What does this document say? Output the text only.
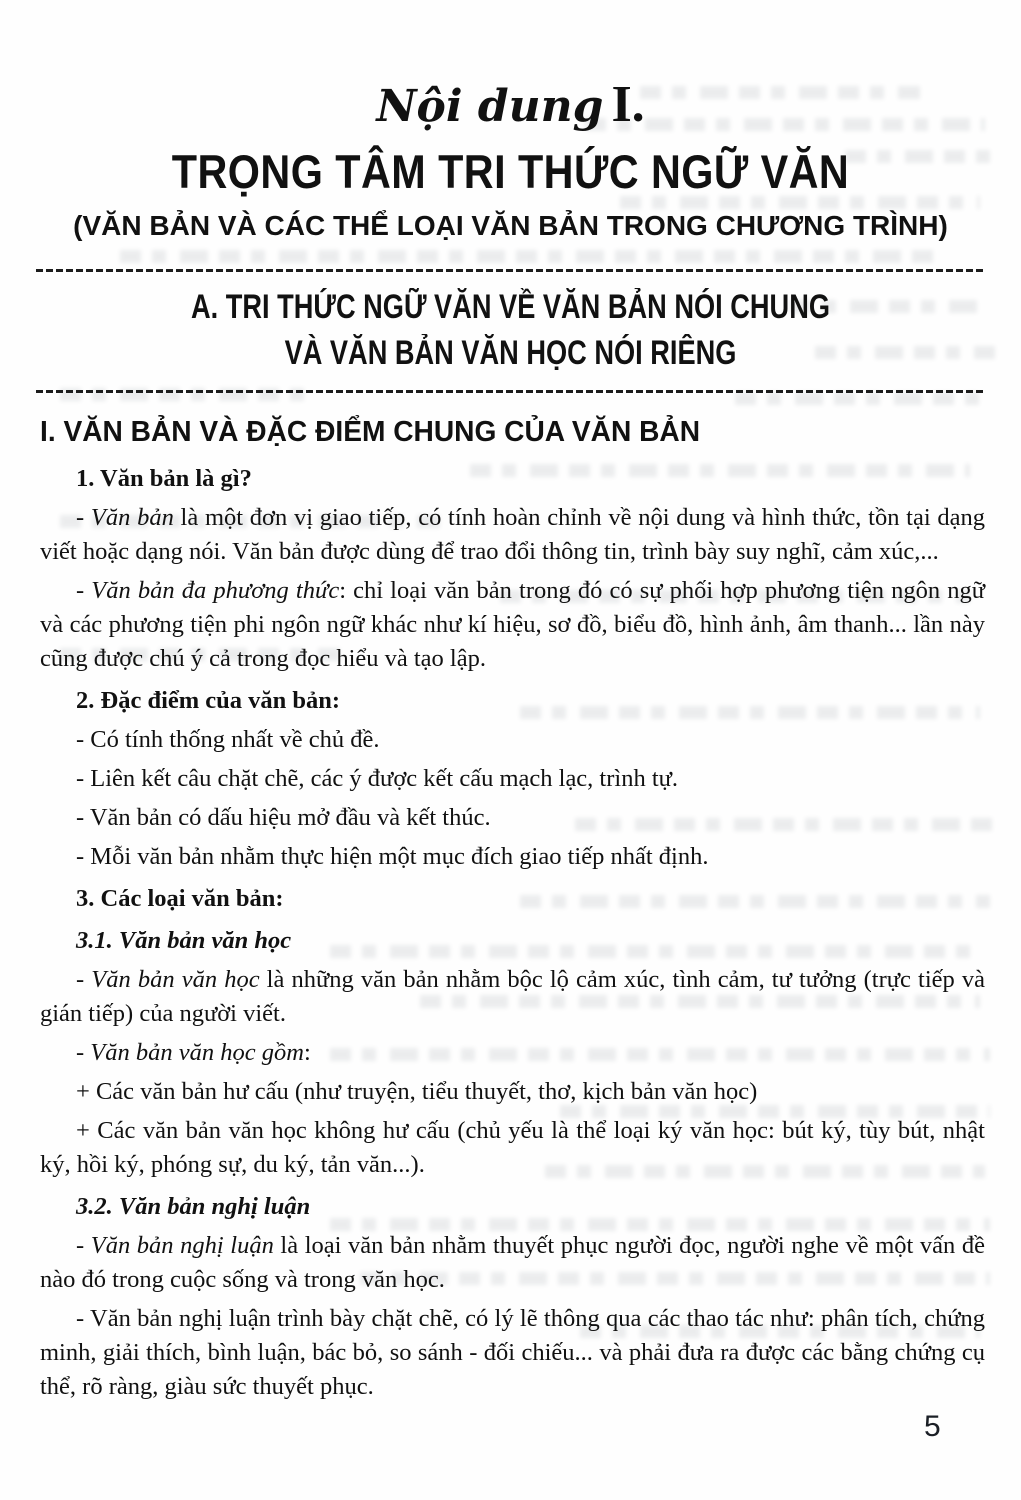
Nội dung I.
TRỌNG TÂM TRI THỨC NGỮ VĂN
(VĂN BẢN VÀ CÁC THỂ LOẠI VĂN BẢN TRONG CHƯƠNG TRÌNH)

A. TRI THỨC NGỮ VĂN VỀ VĂN BẢN NÓI CHUNG

VÀ VĂN BẢN VĂN HỌC NÓI RIÊNG

I. VĂN BẢN VÀ ĐẶC ĐIỂM CHUNG CỦA VĂN BẢN

1. Văn bản là gì?

- Văn bản là một đơn vị giao tiếp, có tính hoàn chỉnh về nội dung và hình thức, tồn tại dạng viết hoặc dạng nói. Văn bản được dùng để trao đổi thông tin, trình bày suy nghĩ, cảm xúc,...

- Văn bản đa phương thức: chỉ loại văn bản trong đó có sự phối hợp phương tiện ngôn ngữ và các phương tiện phi ngôn ngữ khác như kí hiệu, sơ đồ, biểu đồ, hình ảnh, âm thanh... lần này cũng được chú ý cả trong đọc hiểu và tạo lập.

2. Đặc điểm của văn bản:

- Có tính thống nhất về chủ đề.

- Liên kết câu chặt chẽ, các ý được kết cấu mạch lạc, trình tự.

- Văn bản có dấu hiệu mở đầu và kết thúc.

- Mỗi văn bản nhằm thực hiện một mục đích giao tiếp nhất định.

3. Các loại văn bản:

3.1. Văn bản văn học

- Văn bản văn học là những văn bản nhằm bộc lộ cảm xúc, tình cảm, tư tưởng (trực tiếp và gián tiếp) của người viết.

- Văn bản văn học gồm:

+ Các văn bản hư cấu (như truyện, tiểu thuyết, thơ, kịch bản văn học)

+ Các văn bản văn học không hư cấu (chủ yếu là thể loại ký văn học: bút ký, tùy bút, nhật ký, hồi ký, phóng sự, du ký, tản văn...).

3.2. Văn bản nghị luận

- Văn bản nghị luận là loại văn bản nhằm thuyết phục người đọc, người nghe về một vấn đề nào đó trong cuộc sống và trong văn học.

- Văn bản nghị luận trình bày chặt chẽ, có lý lẽ thông qua các thao tác như: phân tích, chứng minh, giải thích, bình luận, bác bỏ, so sánh - đối chiếu... và phải đưa ra được các bằng chứng cụ thể, rõ ràng, giàu sức thuyết phục.

5
